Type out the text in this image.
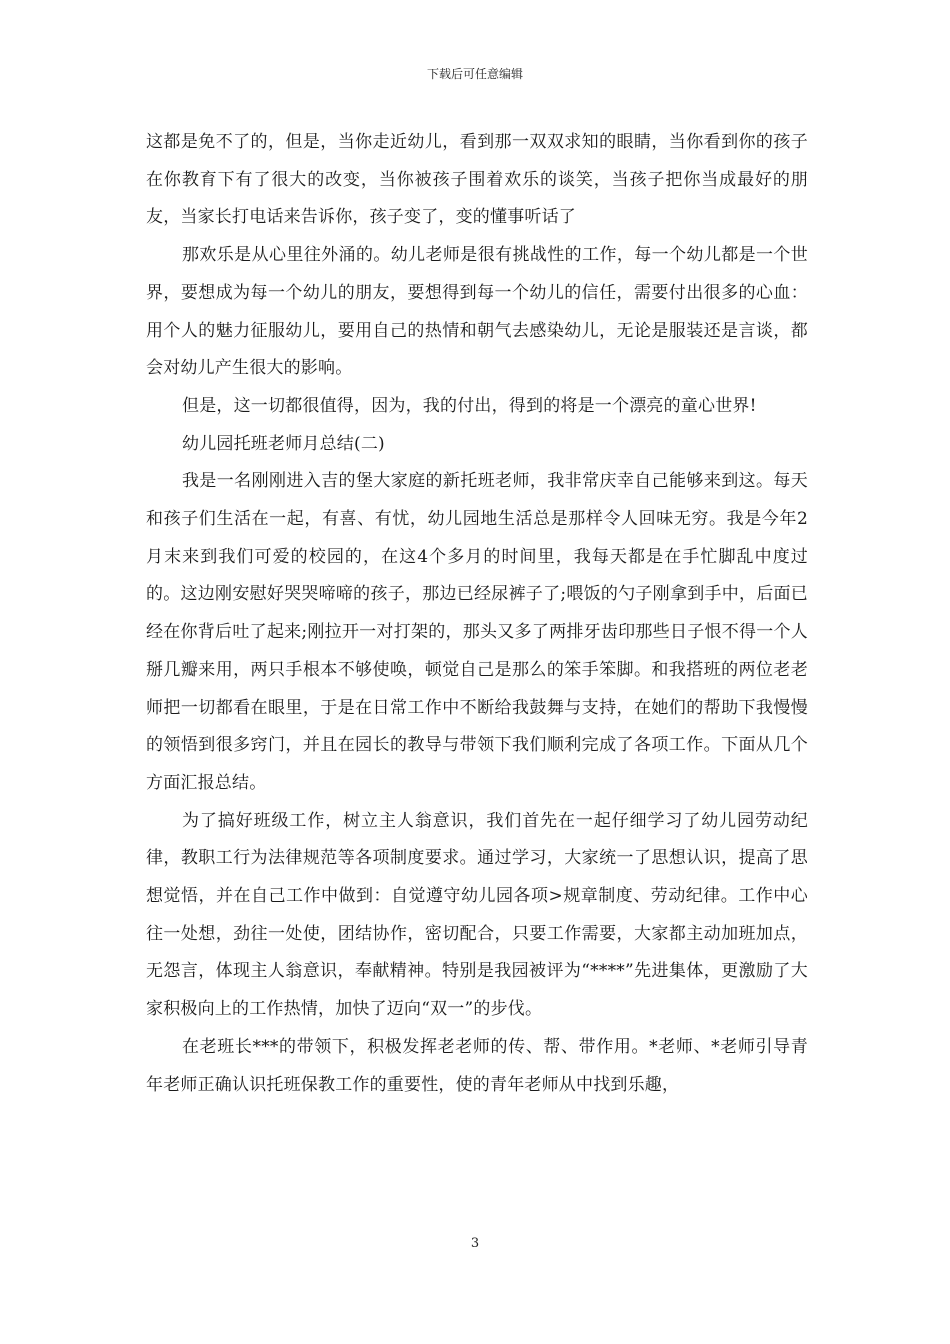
下载后可任意编辑

这都是免不了的，但是，当你走近幼儿，看到那一双双求知的眼睛，当你看到你的孩子在你教育下有了很大的改变，当你被孩子围着欢乐的谈笑，当孩子把你当成最好的朋友，当家长打电话来告诉你，孩子变了，变的懂事听话了

那欢乐是从心里往外涌的。幼儿老师是很有挑战性的工作，每一个幼儿都是一个世界，要想成为每一个幼儿的朋友，要想得到每一个幼儿的信任，需要付出很多的心血：用个人的魅力征服幼儿，要用自己的热情和朝气去感染幼儿，无论是服装还是言谈，都会对幼儿产生很大的影响。

但是，这一切都很值得，因为，我的付出，得到的将是一个漂亮的童心世界!

幼儿园托班老师月总结(二)

我是一名刚刚进入吉的堡大家庭的新托班老师，我非常庆幸自己能够来到这。每天和孩子们生活在一起，有喜、有忧，幼儿园地生活总是那样令人回味无穷。我是今年2月末来到我们可爱的校园的，在这4个多月的时间里，我每天都是在手忙脚乱中度过的。这边刚安慰好哭哭啼啼的孩子，那边已经尿裤子了;喂饭的勺子刚拿到手中，后面已经在你背后吐了起来;刚拉开一对打架的，那头又多了两排牙齿印那些日子恨不得一个人掰几瓣来用，两只手根本不够使唤，顿觉自己是那么的笨手笨脚。和我搭班的两位老老师把一切都看在眼里，于是在日常工作中不断给我鼓舞与支持，在她们的帮助下我慢慢的领悟到很多窍门，并且在园长的教导与带领下我们顺利完成了各项工作。下面从几个方面汇报总结。

为了搞好班级工作，树立主人翁意识，我们首先在一起仔细学习了幼儿园劳动纪律，教职工行为法律规范等各项制度要求。通过学习，大家统一了思想认识，提高了思想觉悟，并在自己工作中做到：自觉遵守幼儿园各项>规章制度、劳动纪律。工作中心往一处想，劲往一处使，团结协作，密切配合，只要工作需要，大家都主动加班加点，无怨言，体现主人翁意识，奉献精神。特别是我园被评为“****”先进集体，更激励了大家积极向上的工作热情，加快了迈向“双一”的步伐。

在老班长***的带领下，积极发挥老老师的传、帮、带作用。*老师、*老师引导青年老师正确认识托班保教工作的重要性，使的青年老师从中找到乐趣，

3
